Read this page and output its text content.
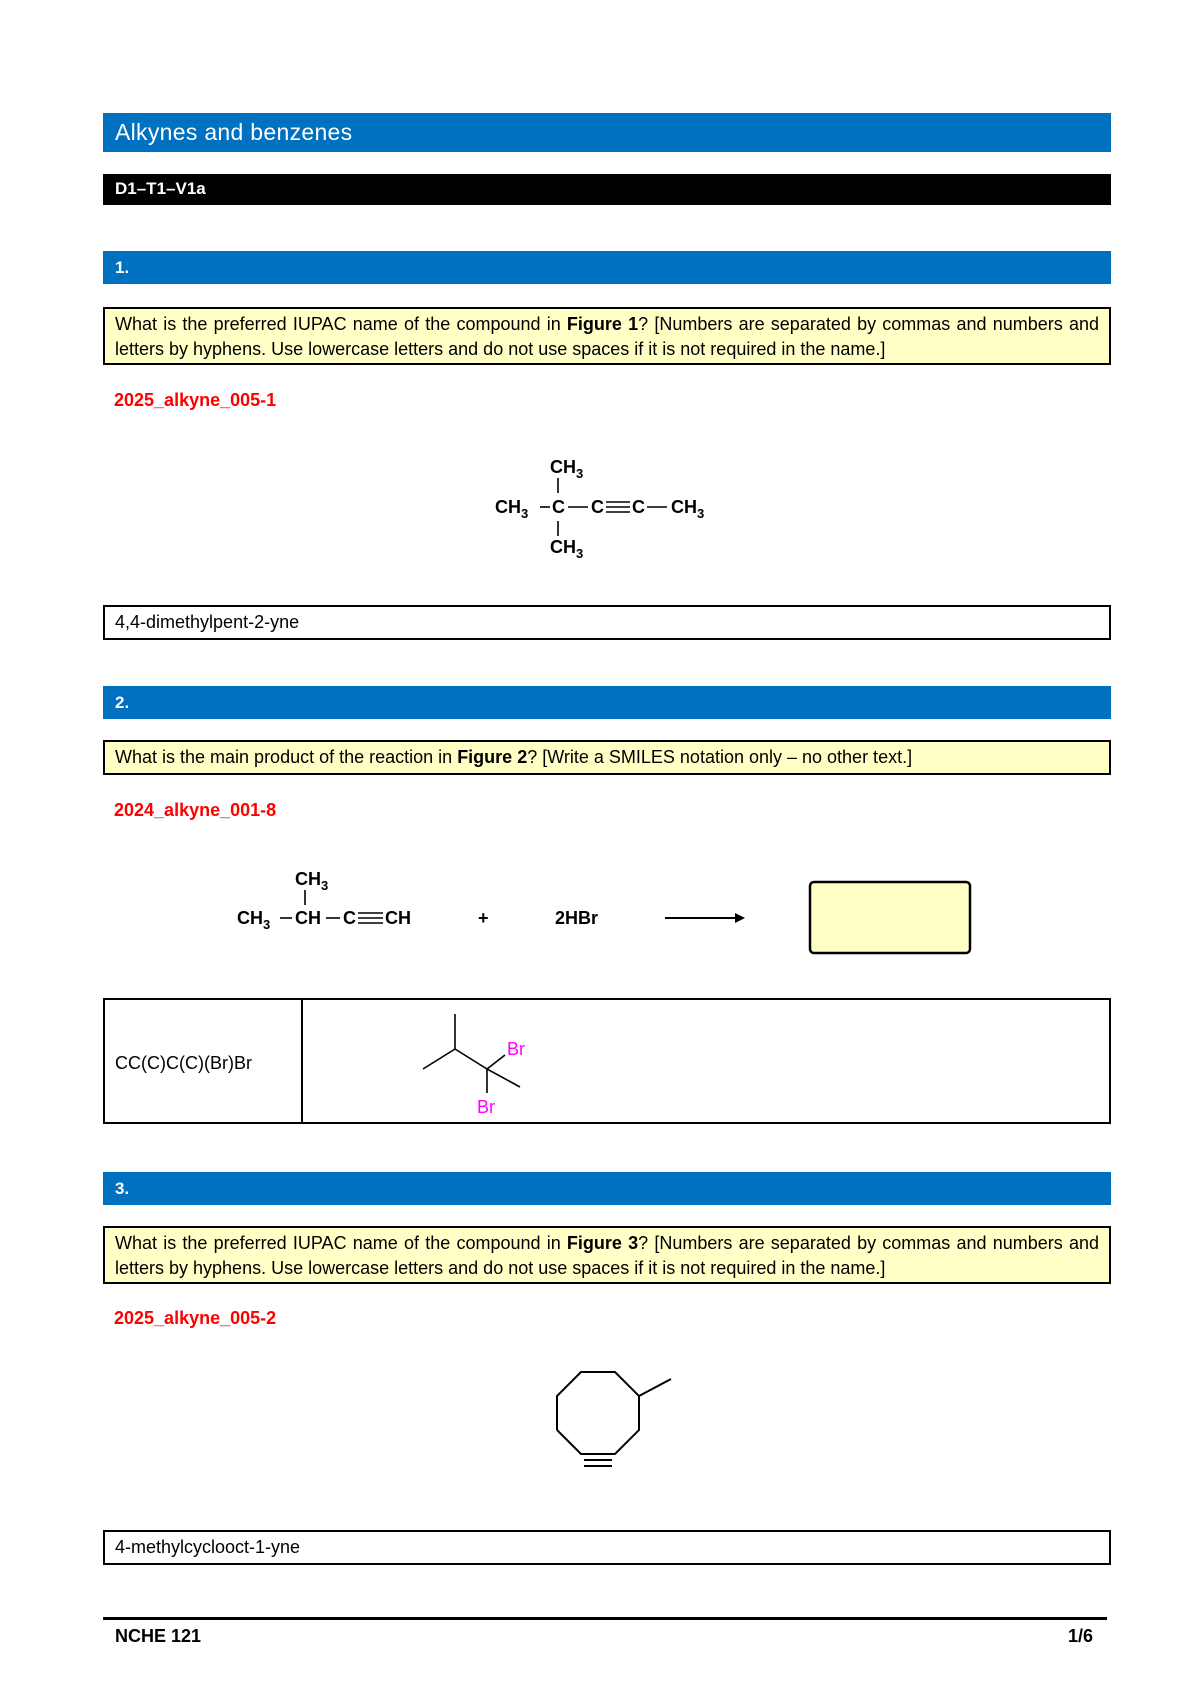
Alkynes and benzenes
D1–T1–V1a
1.
What is the preferred IUPAC name of the compound in Figure 1? [Numbers are separated by commas and numbers and letters by hyphens. Use lowercase letters and do not use spaces if it is not required in the name.]
2025_alkyne_005-1
$CH_3$
$CH_3$ C C C $CH_3$
$CH_3$
4,4-dimethylpent-2-yne
2.
What is the main product of the reaction in Figure 2? [Write a SMILES notation only – no other text.]
2024_alkyne_001-8
$CH_3$
$CH_3$ CH C CH	+	2HBr
CC(C)C(C)(Br)Br
Br
Br
3.
What is the preferred IUPAC name of the compound in Figure 3? [Numbers are separated by commas and numbers and letters by hyphens. Use lowercase letters and do not use spaces if it is not required in the name.]
2025_alkyne_005-2
4-methylcyclooct-1-yne
NCHE 121	1/6
